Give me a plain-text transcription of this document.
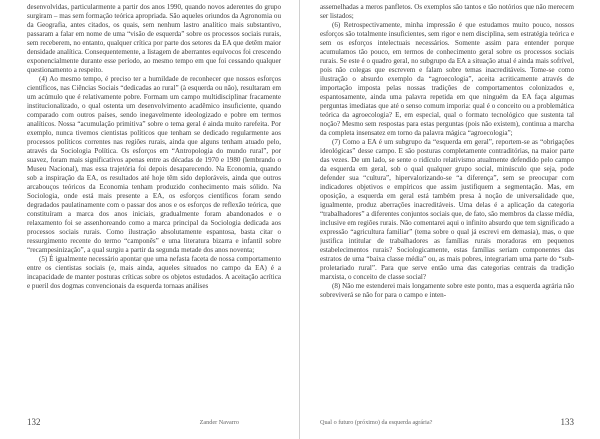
desenvolvidas, particularmente a partir dos anos 1990, quando novos aderentes do grupo surgiram – mas sem formação teórica apropriada. São aqueles oriundos da Agronomia ou da Geografia, antes citados, os quais, sem nenhum lastro analítico mais substantivo, passaram a falar em nome de uma “visão de esquerda” sobre os processos sociais rurais, sem receberem, no entanto, qualquer crítica por parte dos setores da EA que detêm maior densidade analítica. Consequentemente, a listagem de aberrantes equívocos foi crescendo exponencialmente durante esse período, ao mesmo tempo em que foi cessando qualquer questionamento a respeito.

(4) Ao mesmo tempo, é preciso ter a humildade de reconhecer que nossos esforços científicos, nas Ciências Sociais “dedicadas ao rural” (à esquerda ou não), resultaram em um acúmulo que é relativamente pobre. Formam um campo multidisciplinar fracamente institucionalizado, o qual ostenta um desenvolvimento acadêmico insuficiente, quando comparado com outros países, sendo inegavelmente ideologizado e pobre em termos analíticos. Nossa “acumulação primitiva” sobre o tema geral é ainda muito rarefeita. Por exemplo, nunca tivemos cientistas políticos que tenham se dedicado regularmente aos processos políticos correntes nas regiões rurais, ainda que alguns tenham atuado pelo, através da Sociologia Política. Os esforços em “Antropologia do mundo rural”, por suavez, foram mais significativos apenas entre as décadas de 1970 e 1980 (lembrando o Museu Nacional), mas essa trajetória foi depois desaparecendo. Na Economia, quando sob a inspiração da EA, os resultados até hoje têm sido deploráveis, ainda que outros arcabouços teóricos da Economia tenham produzido conhecimento mais sólido. Na Sociologia, onde está mais presente a EA, os esforços científicos foram sendo degradados paulatinamente com o passar dos anos e os esforços de reflexão teórica, que constituíram a marca dos anos iniciais, gradualmente foram abandonados e o relaxamento foi se assenhoreando como a marca principal da Sociologia dedicada aos processos sociais rurais. Como ilustração absolutamente espantosa, basta citar o ressurgimento recente do termo “camponês” e uma literatura bizarra e infantil sobre “recampesinização”, a qual surgiu a partir da segunda metade dos anos noventa;

(5) É igualmente necessário apontar que uma nefasta faceta de nossa comportamento entre os cientistas sociais (e, mais ainda, aqueles situados no campo da EA) é a incapacidade de manter posturas críticas sobre os objetos estudados. A aceitação acrítica e pueril dos dogmas convencionais da esquerda tornaas análises

132	Zander Navarro

assemelhadas a meros panfletos. Os exemplos são tantos e tão notórios que não merecem ser listados;

(6) Retrospectivamente, minha impressão é que estudamos muito pouco, nossos esforços são totalmente insuficientes, sem rigor e nem disciplina, sem estratégia teórica e sem os esforços intelectuais necessários. Somente assim para entender porque acumulamos tão pouco, em termos de conhecimento geral sobre os processos sociais rurais. Se este é o quadro geral, no subgrupo da EA a situação atual é ainda mais sofrível, pois não colegas que escrevem e falam sobre temas inacreditáveis. Tome-se como ilustração o absurdo exemplo da “agroecologia”, aceita acriticamente através de importação imposta pelas nossas tradições de comportamentos colonizados e, espantosamente, ainda uma palavra repetida em que ninguém da EA faça algumas perguntas imediatas que até o senso comum imporia: qual é o conceito ou a problemática teórica da agroecologia? E, em especial, qual o formato tecnológico que sustenta tal noção? Mesmo sem respostas para estas perguntas (pois não existem), continua a marcha da completa insensatez em torno da palavra mágica “agroecologia”;

(7) Como a EA é um subgrupo da “esquerda em geral”, reportem-se as “obrigações ideológicas” desse campo. E são posturas completamente contraditórias, na maior parte das vezes. De um lado, se sente o ridículo relativismo atualmente defendido pelo campo da esquerda em geral, sob o qual qualquer grupo social, minúsculo que seja, pode defender sua “cultura”, hipervalorizando-se “a diferença”, sem se preocupar com indicadores objetivos e empíricos que assim justifiquem a segmentação. Mas, em oposição, a esquerda em geral está também presa à noção de universalidade que, igualmente, produz aberrações inacreditáveis. Uma delas é a aplicação da categoria “trabalhadores” a diferentes conjuntos sociais que, de fato, são membros da classe média, inclusive em regiões rurais. Não comentarei aqui o infinito absurdo que tem significado a expressão “agricultura familiar” (tema sobre o qual já escrevi em demasia), mas, o que justifica intitular de trabalhadores as famílias rurais moradoras em pequenos estabelecimentos rurais? Sociologicamente, estas famílias seriam componentes das estratos de uma “baixa classe média” ou, as mais pobres, integrariam uma parte do “sub-proletariado rural”. Para que serve então uma das categorias centrais da tradição marxista, o conceito de classe social?

(8) Não me estenderei mais longamente sobre este ponto, mas a esquerda agrária não sobreviverá se não for para o campo e inten-

Qual o futuro (próximo) da esquerda agrária?	133
